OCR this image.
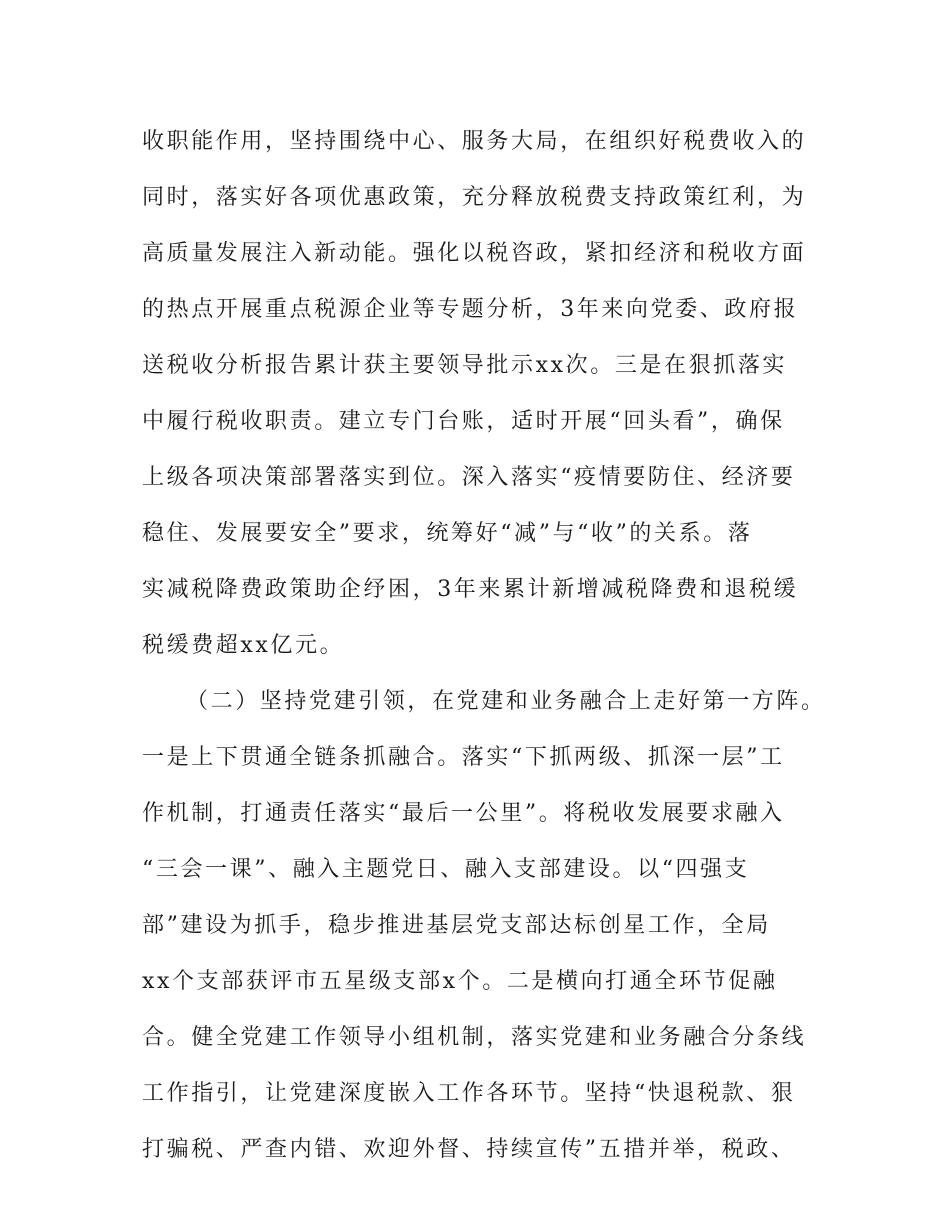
收职能作用，坚持围绕中心、服务大局，在组织好税费收入的
同时，落实好各项优惠政策，充分释放税费支持政策红利，为
高质量发展注入新动能。强化以税咨政，紧扣经济和税收方面
的热点开展重点税源企业等专题分析，3年来向党委、政府报
送税收分析报告累计获主要领导批示xx次。三是在狠抓落实
中履行税收职责。建立专门台账，适时开展“回头看”，确保
上级各项决策部署落实到位。深入落实“疫情要防住、经济要
稳住、发展要安全”要求，统筹好“减”与“收”的关系。落
实减税降费政策助企纾困，3年来累计新增减税降费和退税缓
税缓费超xx亿元。
（二）坚持党建引领，在党建和业务融合上走好第一方阵。
一是上下贯通全链条抓融合。落实“下抓两级、抓深一层”工
作机制，打通责任落实“最后一公里”。将税收发展要求融入
“三会一课”、融入主题党日、融入支部建设。以“四强支
部”建设为抓手，稳步推进基层党支部达标创星工作，全局
xx个支部获评市五星级支部x个。二是横向打通全环节促融
合。健全党建工作领导小组机制，落实党建和业务融合分条线
工作指引，让党建深度嵌入工作各环节。坚持“快退税款、狠
打骗税、严查内错、欢迎外督、持续宣传”五措并举，税政、
